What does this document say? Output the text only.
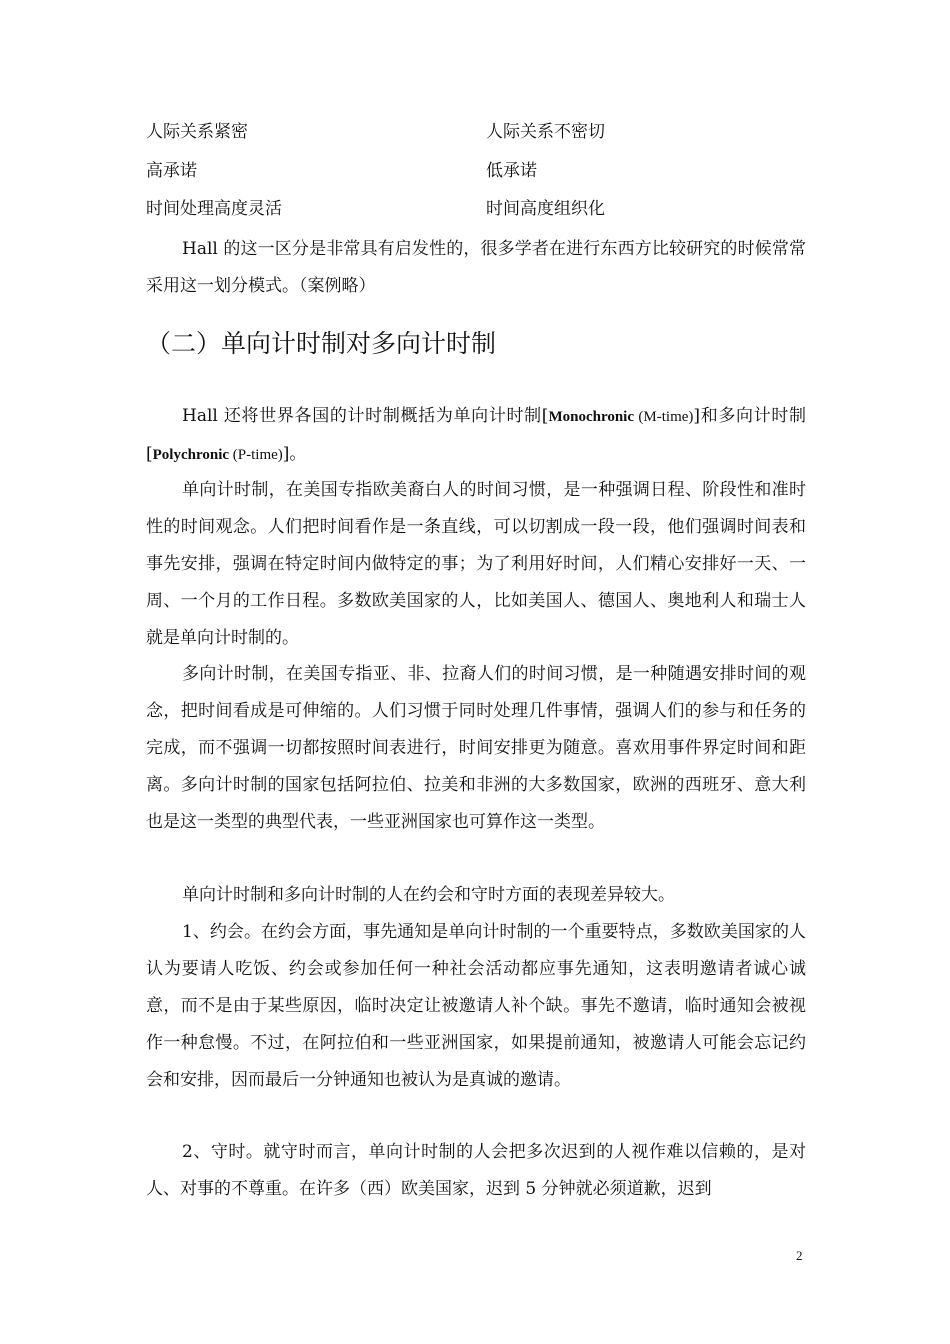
人际关系紧密	人际关系不密切
高承诺	低承诺
时间处理高度灵活	时间高度组织化

Hall 的这一区分是非常具有启发性的，很多学者在进行东西方比较研究的时候常常采用这一划分模式。（案例略）

（二）单向计时制对多向计时制

Hall 还将世界各国的计时制概括为单向计时制[Monochronic (M-time)]和多向计时制[Polychronic (P-time)]。

单向计时制，在美国专指欧美裔白人的时间习惯，是一种强调日程、阶段性和准时性的时间观念。人们把时间看作是一条直线，可以切割成一段一段，他们强调时间表和事先安排，强调在特定时间内做特定的事；为了利用好时间，人们精心安排好一天、一周、一个月的工作日程。多数欧美国家的人，比如美国人、德国人、奥地利人和瑞士人就是单向计时制的。

多向计时制，在美国专指亚、非、拉裔人们的时间习惯，是一种随遇安排时间的观念，把时间看成是可伸缩的。人们习惯于同时处理几件事情，强调人们的参与和任务的完成，而不强调一切都按照时间表进行，时间安排更为随意。喜欢用事件界定时间和距离。多向计时制的国家包括阿拉伯、拉美和非洲的大多数国家，欧洲的西班牙、意大利也是这一类型的典型代表，一些亚洲国家也可算作这一类型。

单向计时制和多向计时制的人在约会和守时方面的表现差异较大。

1、约会。在约会方面，事先通知是单向计时制的一个重要特点，多数欧美国家的人认为要请人吃饭、约会或参加任何一种社会活动都应事先通知，这表明邀请者诚心诚意，而不是由于某些原因，临时决定让被邀请人补个缺。事先不邀请，临时通知会被视作一种怠慢。不过，在阿拉伯和一些亚洲国家，如果提前通知，被邀请人可能会忘记约会和安排，因而最后一分钟通知也被认为是真诚的邀请。

2、守时。就守时而言，单向计时制的人会把多次迟到的人视作难以信赖的，是对人、对事的不尊重。在许多（西）欧美国家，迟到 5 分钟就必须道歉，迟到

2
